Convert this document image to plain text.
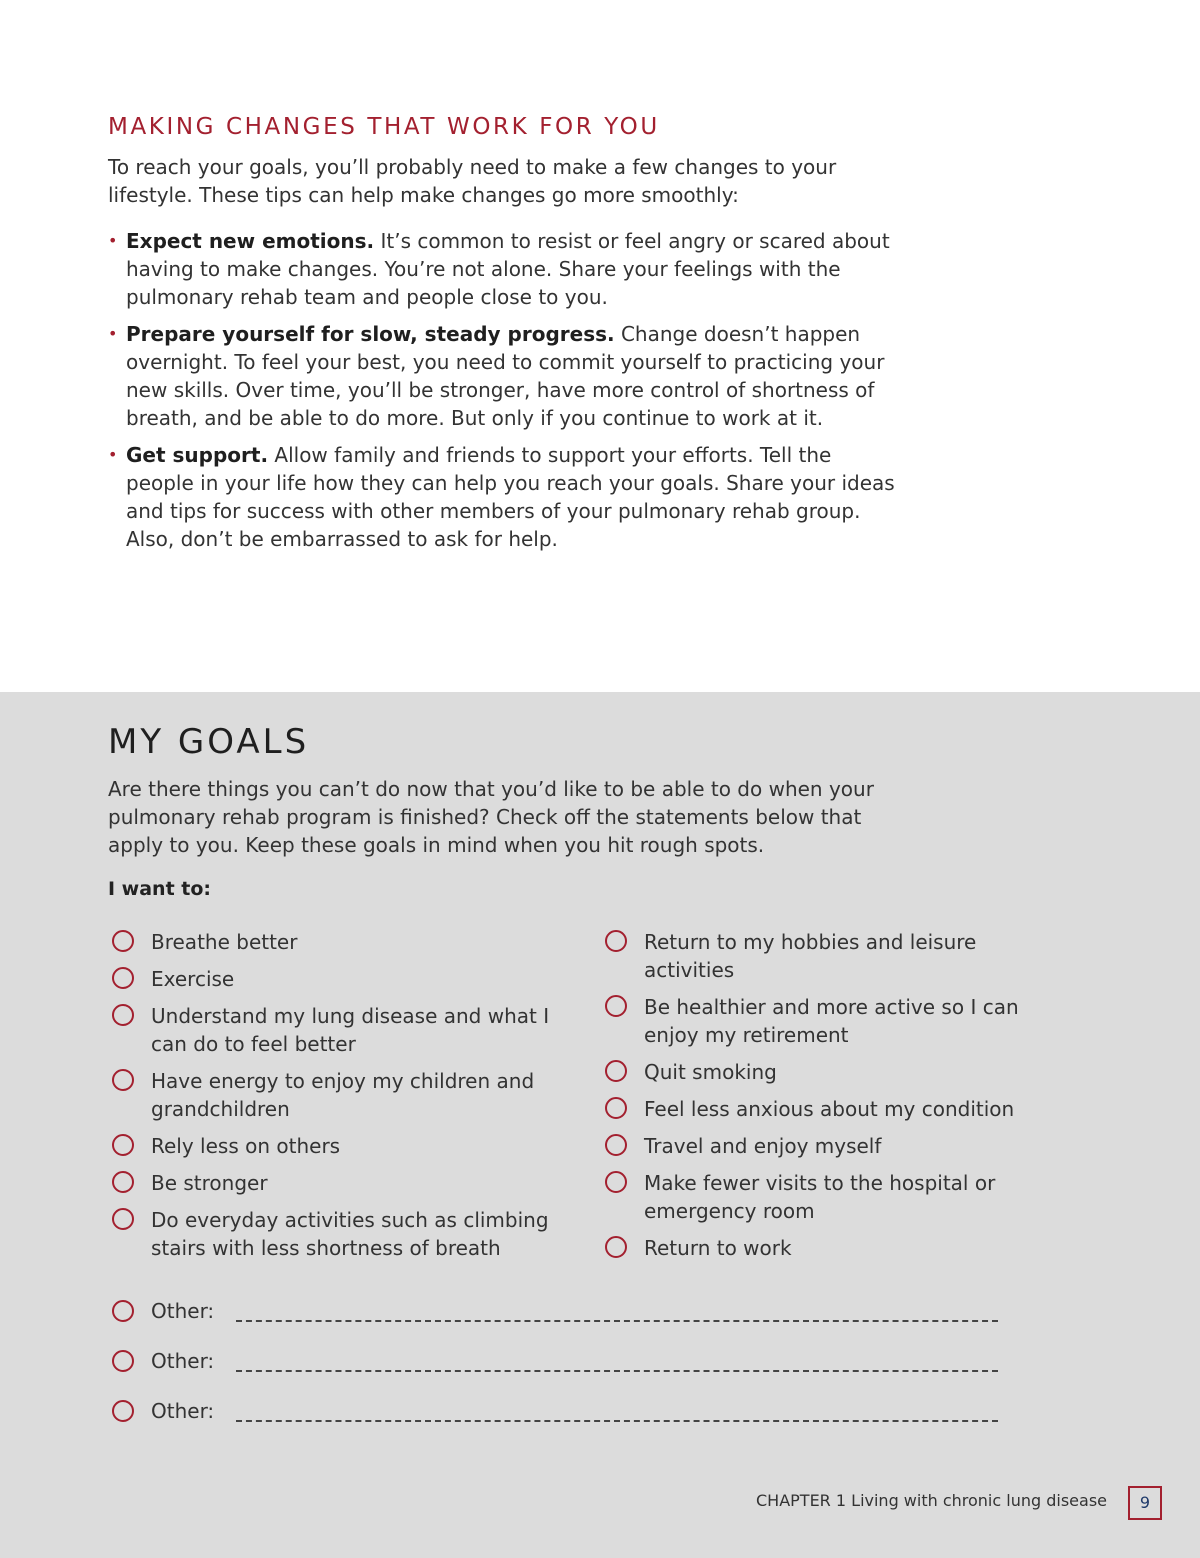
MAKING CHANGES THAT WORK FOR YOU

To reach your goals, you’ll probably need to make a few changes to your lifestyle. These tips can help make changes go more smoothly:

• Expect new emotions. It’s common to resist or feel angry or scared about having to make changes. You’re not alone. Share your feelings with the pulmonary rehab team and people close to you.
• Prepare yourself for slow, steady progress. Change doesn’t happen overnight. To feel your best, you need to commit yourself to practicing your new skills. Over time, you’ll be stronger, have more control of shortness of breath, and be able to do more. But only if you continue to work at it.
• Get support. Allow family and friends to support your efforts. Tell the people in your life how they can help you reach your goals. Share your ideas and tips for success with other members of your pulmonary rehab group. Also, don’t be embarrassed to ask for help.
MY GOALS

Are there things you can’t do now that you’d like to be able to do when your pulmonary rehab program is finished? Check off the statements below that apply to you. Keep these goals in mind when you hit rough spots.

I want to:

Breathe better
Exercise
Understand my lung disease and what I can do to feel better
Have energy to enjoy my children and grandchildren
Rely less on others
Be stronger
Do everyday activities such as climbing stairs with less shortness of breath
Return to my hobbies and leisure activities
Be healthier and more active so I can enjoy my retirement
Quit smoking
Feel less anxious about my condition
Travel and enjoy myself
Make fewer visits to the hospital or emergency room
Return to work
Other:
Other:
Other:
CHAPTER 1 Living with chronic lung disease	9
